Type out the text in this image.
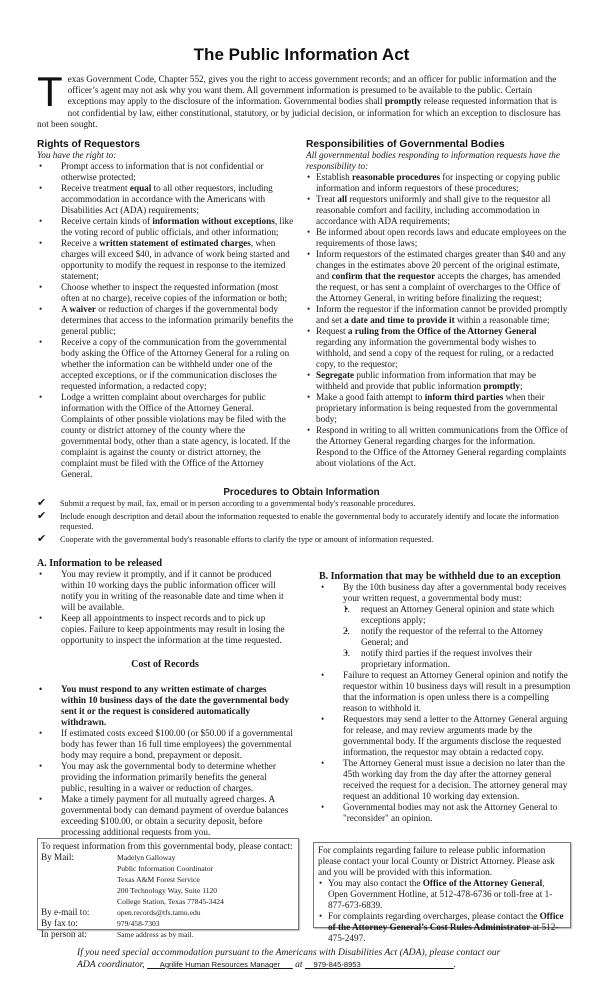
The Public Information Act
Texas Government Code, Chapter 552, gives you the right to access government records; and an officer for public information and the officer’s agent may not ask why you want them. All government information is presumed to be available to the public. Certain exceptions may apply to the disclosure of the information. Governmental bodies shall promptly release requested information that is not confidential by law, either constitutional, statutory, or by judicial decision, or information for which an exception to disclosure has not been sought.
Rights of Requestors
You have the right to:
• Prompt access to information that is not confidential or otherwise protected;
• Receive treatment equal to all other requestors, including accommodation in accordance with the Americans with Disabilities Act (ADA) requirements;
• Receive certain kinds of information without exceptions, like the voting record of public officials, and other information;
• Receive a written statement of estimated charges, when charges will exceed $40, in advance of work being started and opportunity to modify the request in response to the itemized statement;
• Choose whether to inspect the requested information (most often at no charge), receive copies of the information or both;
• A waiver or reduction of charges if the governmental body determines that access to the information primarily benefits the general public;
• Receive a copy of the communication from the governmental body asking the Office of the Attorney General for a ruling on whether the information can be withheld under one of the accepted exceptions, or if the communication discloses the requested information, a redacted copy;
• Lodge a written complaint about overcharges for public information with the Office of the Attorney General. Complaints of other possible violations may be filed with the county or district attorney of the county where the governmental body, other than a state agency, is located. If the complaint is against the county or district attorney, the complaint must be filed with the Office of the Attorney General.
Responsibilities of Governmental Bodies
All governmental bodies responding to information requests have the responsibility to:
• Establish reasonable procedures for inspecting or copying public information and inform requestors of these procedures;
• Treat all requestors uniformly and shall give to the requestor all reasonable comfort and facility, including accommodation in accordance with ADA requirements;
• Be informed about open records laws and educate employees on the requirements of those laws;
• Inform requestors of the estimated charges greater than $40 and any changes in the estimates above 20 percent of the original estimate, and confirm that the requestor accepts the charges, has amended the request, or has sent a complaint of overcharges to the Office of the Attorney General, in writing before finalizing the request;
• Inform the requestor if the information cannot be provided promptly and set a date and time to provide it within a reasonable time;
• Request a ruling from the Office of the Attorney General regarding any information the governmental body wishes to withhold, and send a copy of the request for ruling, or a redacted copy, to the requestor;
• Segregate public information from information that may be withheld and provide that public information promptly;
• Make a good faith attempt to inform third parties when their proprietary information is being requested from the governmental body;
• Respond in writing to all written communications from the Office of the Attorney General regarding charges for the information. Respond to the Office of the Attorney General regarding complaints about violations of the Act.
Procedures to Obtain Information
✔ Submit a request by mail, fax, email or in person according to a governmental body's reasonable procedures.
✔ Include enough description and detail about the information requested to enable the governmental body to accurately identify and locate the information requested.
✔ Cooperate with the governmental body's reasonable efforts to clarify the type or amount of information requested.
A. Information to be released
• You may review it promptly, and if it cannot be produced within 10 working days the public information officer will notify you in writing of the reasonable date and time when it will be available.
• Keep all appointments to inspect records and to pick up copies. Failure to keep appointments may result in losing the opportunity to inspect the information at the time requested.
Cost of Records
• You must respond to any written estimate of charges within 10 business days of the date the governmental body sent it or the request is considered automatically withdrawn.
• If estimated costs exceed $100.00 (or $50.00 if a governmental body has fewer than 16 full time employees) the governmental body may require a bond, prepayment or deposit.
• You may ask the governmental body to determine whether providing the information primarily benefits the general public, resulting in a waiver or reduction of charges.
• Make a timely payment for all mutually agreed charges. A governmental body can demand payment of overdue balances exceeding $100.00, or obtain a security deposit, before processing additional requests from you.
B. Information that may be withheld due to an exception
• By the 10th business day after a governmental body receives your written request, a governmental body must:
• 1. request an Attorney General opinion and state which exceptions apply;
• 2. notify the requestor of the referral to the Attorney General; and
• 3. notify third parties if the request involves their proprietary information.
• Failure to request an Attorney General opinion and notify the requestor within 10 business days will result in a presumption that the information is open unless there is a compelling reason to withhold it.
• Requestors may send a letter to the Attorney General arguing for release, and may review arguments made by the governmental body. If the arguments disclose the requested information, the requestor may obtain a redacted copy.
• The Attorney General must issue a decision no later than the 45th working day from the day after the attorney general received the request for a decision. The attorney general may request an additional 10 working day extension.
• Governmental bodies may not ask the Attorney General to "reconsider" an opinion.
To request information from this governmental body, please contact:
By Mail:	Madelyn Galloway
Public Information Coordinator
Texas A&M Forest Service
200 Technology Way, Suite 1120
College Station, Texas 77845-3424
By e-mail to:	open.records@tfs.tamu.edu
By fax to:	979/458-7303
In person at:	Same address as by mail.
For complaints regarding failure to release public information please contact your local County or District Attorney. Please ask and you will be provided with this information.
• You may also contact the Office of the Attorney General, Open Government Hotline, at 512-478-6736 or toll-free at 1-877-673-6839.
• For complaints regarding overcharges, please contact the Office of the Attorney General’s Cost Rules Administrator at 512-475-2497.
If you need special accommodation pursuant to the Americans with Disabilities Act (ADA), please contact our
ADA coordinator, ___Agrilife Human Resources Manager___ at __979-845-8953______________________.
